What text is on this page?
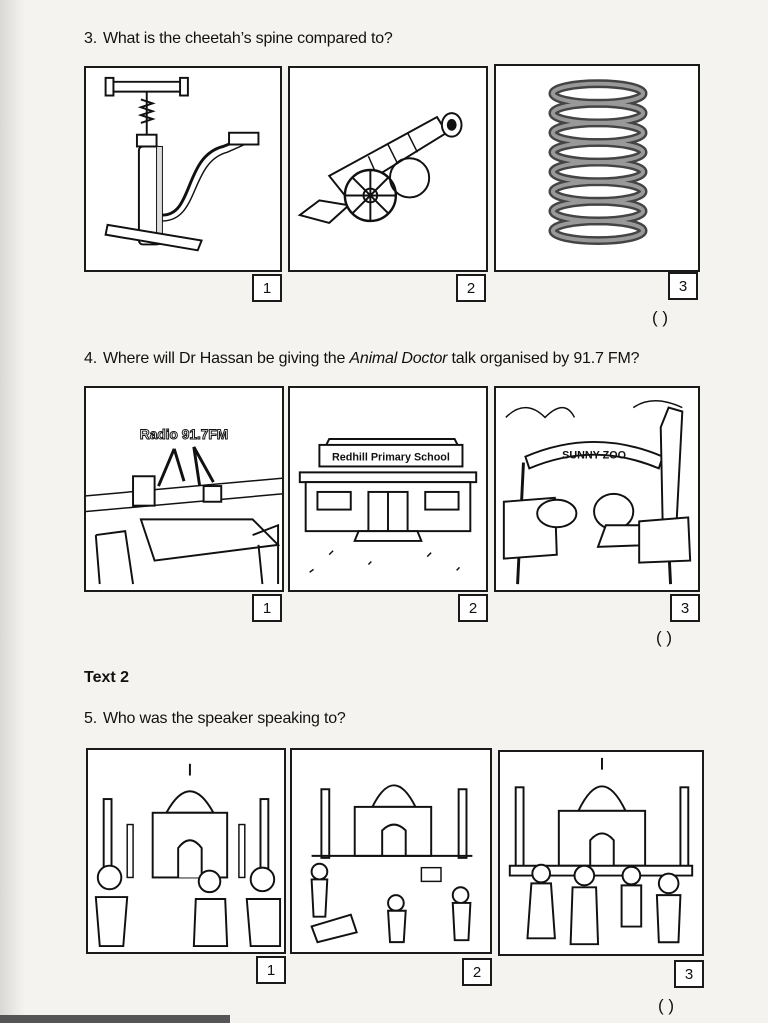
3. What is the cheetah’s spine compared to?
1	2	3
( )
4. Where will Dr Hassan be giving the Animal Doctor talk organised by 91.7 FM?
Radio 91.7FM
Redhill Primary School	SUNNY ZOO
1	2	3
( )
Text 2
5. Who was the speaker speaking to?
1	2	3
( )
